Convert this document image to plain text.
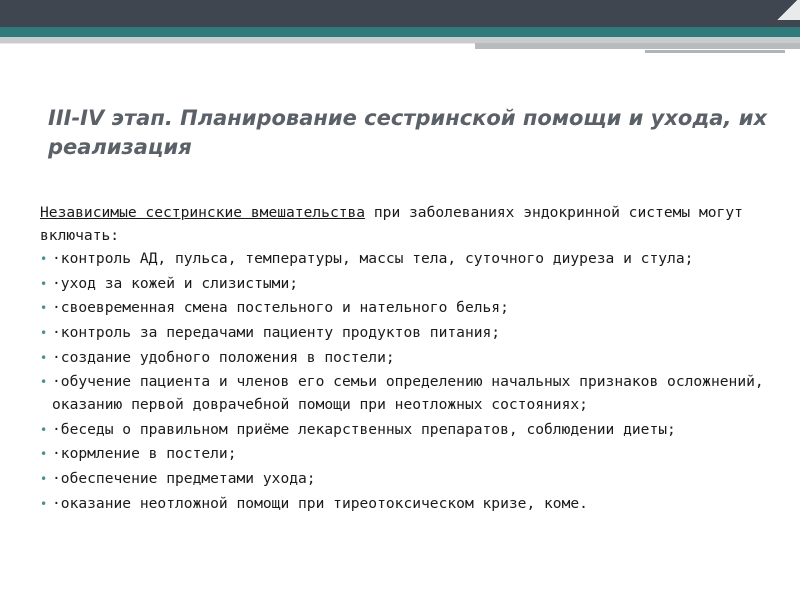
III-IV этап. Планирование сестринской помощи и ухода, их реализация

Независимые сестринские вмешательства при заболеваниях эндокринной системы могут включать:

• ·контроль АД, пульса, температуры, массы тела, суточного диуреза и стула;
• ·уход за кожей и слизистыми;
• ·своевременная смена постельного и нательного белья;
• ·контроль за передачами пациенту продуктов питания;
• ·создание удобного положения в постели;
• ·обучение пациента и членов его семьи определению начальных признаков осложнений, оказанию первой доврачебной помощи при неотложных состояниях;
• ·беседы о правильном приёме лекарственных препаратов, соблюдении диеты;
• ·кормление в постели;
• ·обеспечение предметами ухода;
• ·оказание неотложной помощи при тиреотоксическом кризе, коме.
